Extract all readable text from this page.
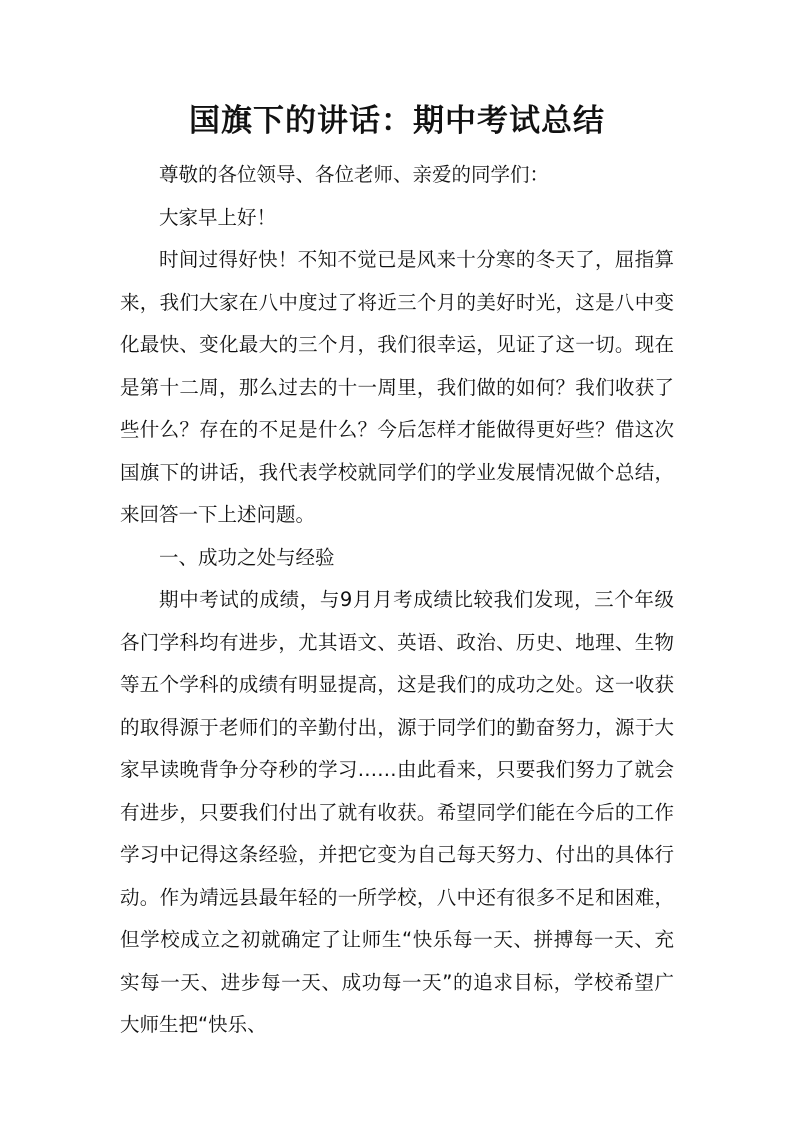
国旗下的讲话：期中考试总结

尊敬的各位领导、各位老师、亲爱的同学们：

大家早上好！

时间过得好快！不知不觉已是风来十分寒的冬天了，屈指算来，我们大家在八中度过了将近三个月的美好时光，这是八中变化最快、变化最大的三个月，我们很幸运，见证了这一切。现在是第十二周，那么过去的十一周里，我们做的如何？我们收获了些什么？存在的不足是什么？今后怎样才能做得更好些？借这次国旗下的讲话，我代表学校就同学们的学业发展情况做个总结，来回答一下上述问题。

一、成功之处与经验

期中考试的成绩，与9月月考成绩比较我们发现，三个年级各门学科均有进步，尤其语文、英语、政治、历史、地理、生物等五个学科的成绩有明显提高，这是我们的成功之处。这一收获的取得源于老师们的辛勤付出，源于同学们的勤奋努力，源于大家早读晚背争分夺秒的学习……由此看来，只要我们努力了就会有进步，只要我们付出了就有收获。希望同学们能在今后的工作学习中记得这条经验，并把它变为自己每天努力、付出的具体行动。作为靖远县最年轻的一所学校，八中还有很多不足和困难，但学校成立之初就确定了让师生“快乐每一天、拼搏每一天、充实每一天、进步每一天、成功每一天”的追求目标，学校希望广大师生把“快乐、
